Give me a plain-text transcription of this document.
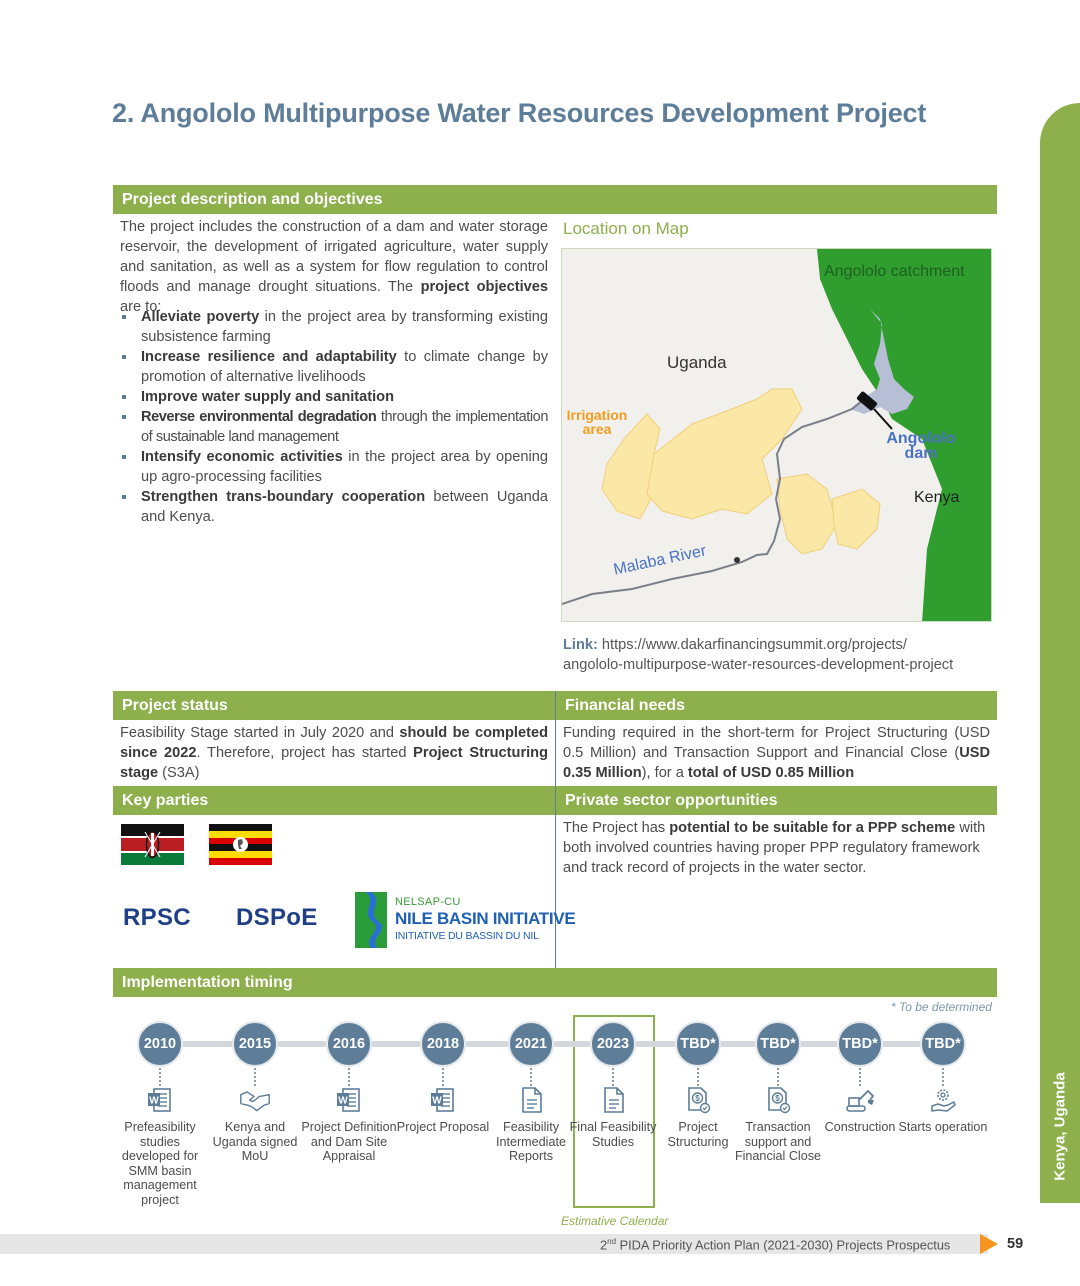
2. Angololo Multipurpose Water Resources Development Project
Kenya, Uganda
Project description and objectives
The project includes the construction of a dam and water storage reservoir, the development of irrigated agriculture, water supply and sanitation, as well as a system for flow regulation to control floods and manage drought situations. The project objectives are to:
Alleviate poverty in the project area by transforming existing subsistence farming
Increase resilience and adaptability to climate change by promotion of alternative livelihoods
Improve water supply and sanitation
Reverse environmental degradation through the implementation of sustainable land management
Intensify economic activities in the project area by opening up agro-processing facilities
Strengthen trans-boundary cooperation between Uganda and Kenya.
Location on Map
Angololo catchment
Uganda
Kenya
Irrigation
area
Angololo
dam
Malaba River
Link: https://www.dakarfinancingsummit.org/projects/
angololo-multipurpose-water-resources-development-project
Project status	Financial needs
Feasibility Stage started in July 2020 and should be completed since 2022. Therefore, project has started Project Structuring stage (S3A)
Funding required in the short-term for Project Structuring (USD 0.5 Million) and Transaction Support and Financial Close (USD 0.35 Million), for a total of USD 0.85 Million
Key parties	Private sector opportunities
RPSC DSPoE
NELSAP-CU
NILE BASIN INITIATIVE
INITIATIVE DU BASSIN DU NIL
The Project has potential to be suitable for a PPP scheme with both involved countries having proper PPP regulatory framework and track record of projects in the water sector.
Implementation timing
* To be determined
Estimative Calendar
2010
W
Prefeasibility studies developed for SMM basin management project
2015
Kenya and Uganda signed MoU
2016
W
Project Definition and Dam Site Appraisal
2018
W
Project Proposal
2021
Feasibility Intermediate Reports
2023
Final Feasibility Studies
TBD*
$
Project Structuring
TBD*
$
Transaction support and Financial Close
TBD*
Construction
TBD*
Starts operation
2nd PIDA Priority Action Plan (2021-2030) Projects Prospectus	59
